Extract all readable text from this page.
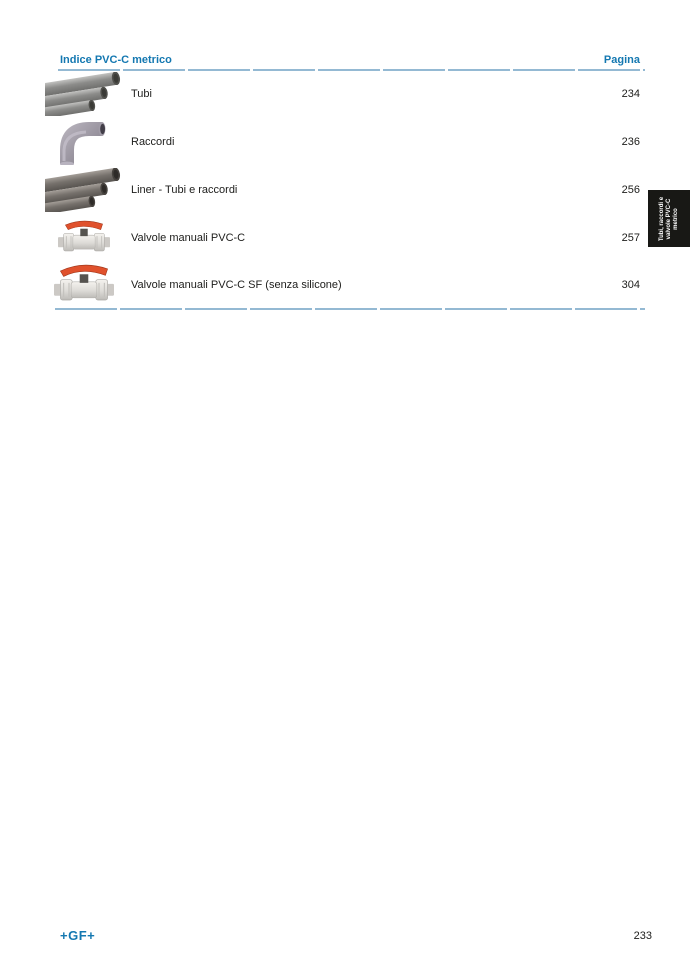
Indice PVC-C metrico	Pagina
Tubi	234
Raccordi	236
Liner - Tubi e raccordi	256
Valvole manuali PVC-C	257
Valvole manuali PVC-C SF (senza silicone)	304
Tubi, raccordi e valvole PVC-C metrico
+GF+	233
